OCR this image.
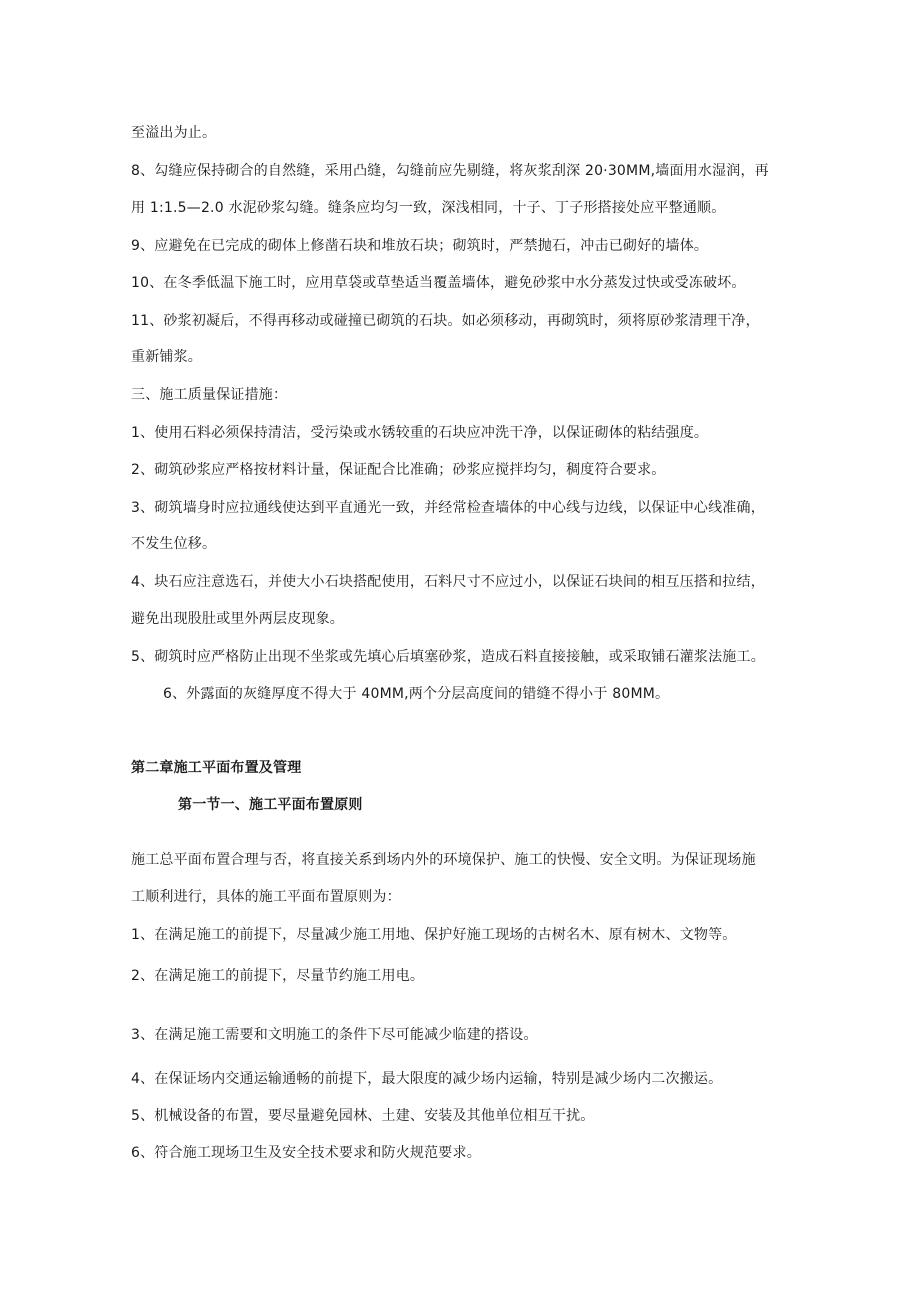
至溢出为止。
8、勾缝应保持砌合的自然缝，采用凸缝，勾缝前应先剔缝，将灰浆刮深 20·30MM,墙面用水湿润，再
用 1:1.5—2.0 水泥砂浆勾缝。缝条应均匀一致，深浅相同，十子、丁子形搭接处应平整通顺。
9、应避免在已完成的砌体上修凿石块和堆放石块；砌筑时，严禁抛石，冲击已砌好的墙体。
10、在冬季低温下施工时，应用草袋或草垫适当覆盖墙体，避免砂浆中水分蒸发过快或受冻破坏。
11、砂浆初凝后，不得再移动或碰撞已砌筑的石块。如必须移动，再砌筑时，须将原砂浆清理干净，
重新铺浆。
三、施工质量保证措施：
1、使用石料必须保持清洁，受污染或水锈较重的石块应冲洗干净，以保证砌体的粘结强度。
2、砌筑砂浆应严格按材料计量，保证配合比准确；砂浆应搅拌均匀，稠度符合要求。
3、砌筑墙身时应拉通线使达到平直通光一致，并经常检查墙体的中心线与边线，以保证中心线准确，
不发生位移。
4、块石应注意选石，并使大小石块搭配使用，石料尺寸不应过小，以保证石块间的相互压搭和拉结，
避免出现股肚或里外两层皮现象。
5、砌筑时应严格防止出现不坐浆或先填心后填塞砂浆，造成石料直接接触，或采取铺石灌浆法施工。
6、外露面的灰缝厚度不得大于 40MM,两个分层高度间的错缝不得小于 80MM。
第二章施工平面布置及管理
第一节一、施工平面布置原则
施工总平面布置合理与否，将直接关系到场内外的环境保护、施工的快慢、安全文明。为保证现场施
工顺利进行，具体的施工平面布置原则为：
1、在满足施工的前提下，尽量减少施工用地、保护好施工现场的古树名木、原有树木、文物等。
2、在满足施工的前提下，尽量节约施工用电。
3、在满足施工需要和文明施工的条件下尽可能减少临建的搭设。
4、在保证场内交通运输通畅的前提下，最大限度的减少场内运输，特别是减少场内二次搬运。
5、机械设备的布置，要尽量避免园林、土建、安装及其他单位相互干扰。
6、符合施工现场卫生及安全技术要求和防火规范要求。
